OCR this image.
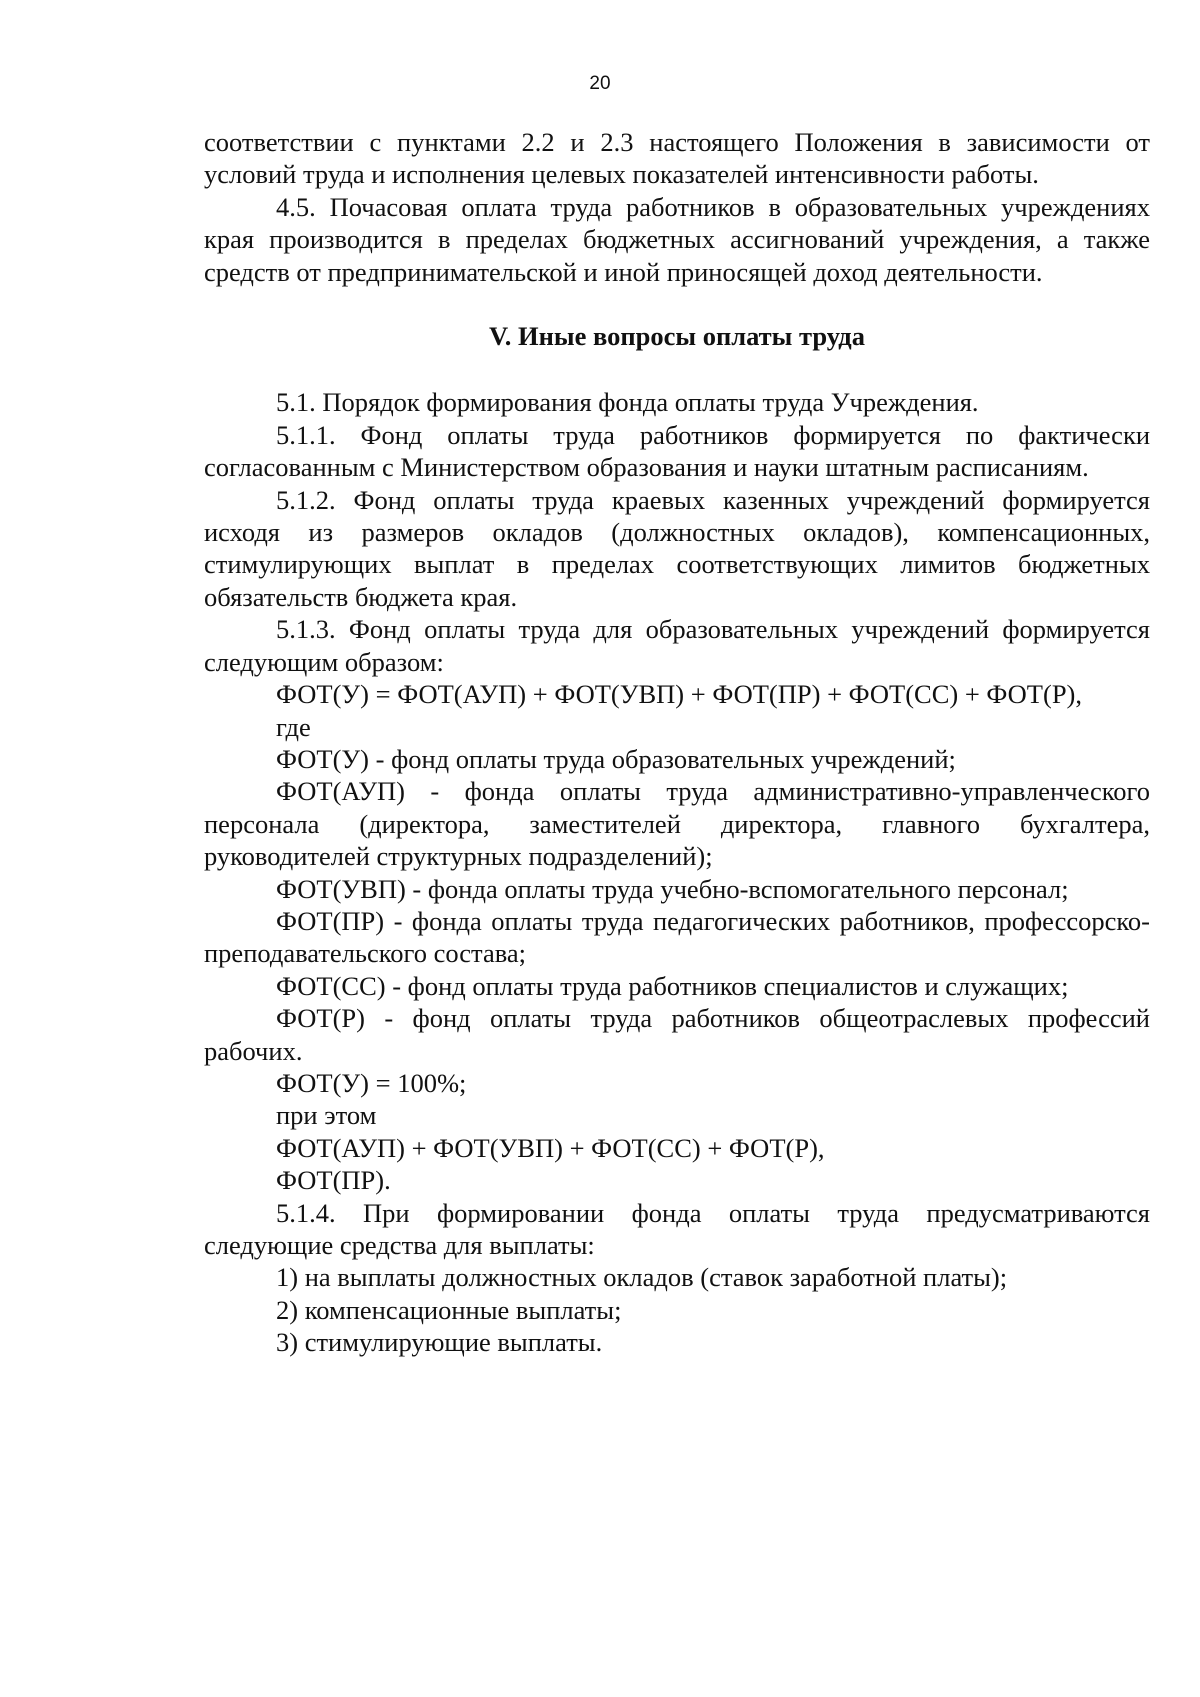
20

соответствии с пунктами 2.2 и 2.3 настоящего Положения в зависимости от условий труда и исполнения целевых показателей интенсивности работы.

4.5. Почасовая оплата труда работников в образовательных учреждениях края производится в пределах бюджетных ассигнований учреждения, а также средств от предпринимательской и иной приносящей доход деятельности.

V. Иные вопросы оплаты труда

5.1. Порядок формирования фонда оплаты труда Учреждения.

5.1.1. Фонд оплаты труда работников формируется по фактически согласованным с Министерством образования и науки штатным расписаниям.

5.1.2. Фонд оплаты труда краевых казенных учреждений формируется исходя из размеров окладов (должностных окладов), компенсационных, стимулирующих выплат в пределах соответствующих лимитов бюджетных обязательств бюджета края.

5.1.3. Фонд оплаты труда для образовательных учреждений формируется следующим образом:

ФОТ(У) = ФОТ(АУП) + ФОТ(УВП) + ФОТ(ПР) + ФОТ(СС) + ФОТ(Р),

где

ФОТ(У) - фонд оплаты труда образовательных учреждений;

ФОТ(АУП) - фонда оплаты труда административно-управленческого персонала (директора, заместителей директора, главного бухгалтера, руководителей структурных подразделений);

ФОТ(УВП) - фонда оплаты труда учебно-вспомогательного персонал;

ФОТ(ПР) - фонда оплаты труда педагогических работников, профессорско-преподавательского состава;

ФОТ(СС) - фонд оплаты труда работников специалистов и служащих;

ФОТ(Р) - фонд оплаты труда работников общеотраслевых профессий рабочих.

ФОТ(У) = 100%;

при этом

ФОТ(АУП) + ФОТ(УВП) + ФОТ(СС) + ФОТ(Р),

ФОТ(ПР).

5.1.4. При формировании фонда оплаты труда предусматриваются следующие средства для выплаты:

1) на выплаты должностных окладов (ставок заработной платы);

2) компенсационные выплаты;

3) стимулирующие выплаты.
